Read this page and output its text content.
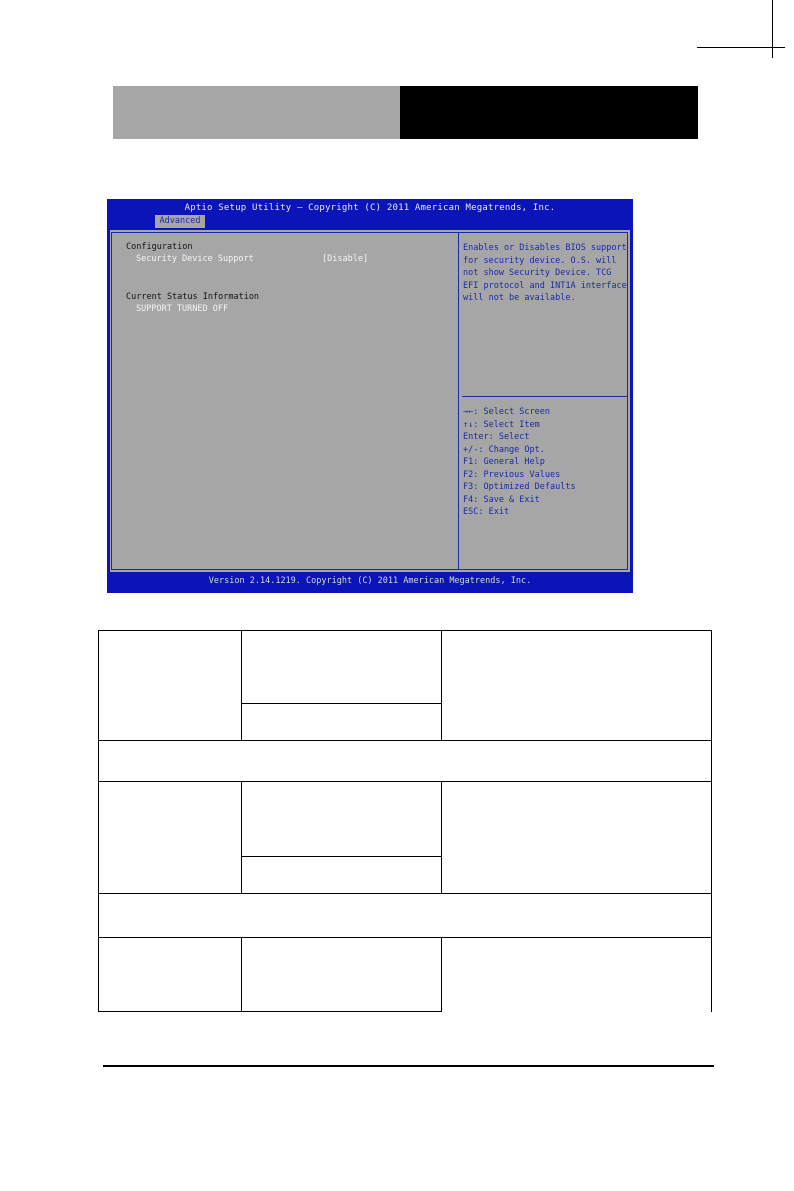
Aptio Setup Utility – Copyright (C) 2011 American Megatrends, Inc.
Advanced
Configuration
Security Device Support	[Disable]
Current Status Information
SUPPORT TURNED OFF
Enables or Disables BIOS support for security device. O.S. will not show Security Device. TCG EFI protocol and INT1A interface will not be available.
→←: Select Screen
↑↓: Select Item
Enter: Select
+/-: Change Opt.
F1: General Help
F2: Previous Values
F3: Optimized Defaults
F4: Save & Exit
ESC: Exit
Version 2.14.1219. Copyright (C) 2011 American Megatrends, Inc.
